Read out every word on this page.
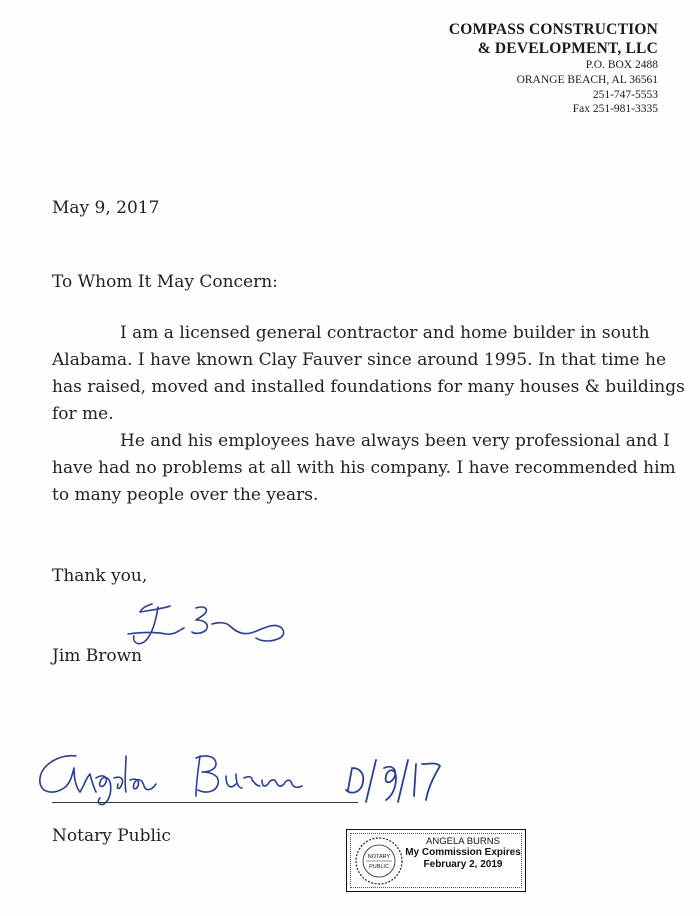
COMPASS CONSTRUCTION
& DEVELOPMENT, LLC
P.O. BOX 2488
ORANGE BEACH, AL 36561
251-747-5553
Fax 251-981-3335
May 9, 2017
To Whom It May Concern:

I am a licensed general contractor and home builder in south Alabama. I have known Clay Fauver since around 1995. In that time he has raised, moved and installed foundations for many houses & buildings for me.

He and his employees have always been very professional and I have had no problems at all with his company. I have recommended him to many people over the years.

Thank you,
Jim Brown
Notary Public
NOTARY
PUBLIC
ANGELA BURNS
My Commission Expires
February 2, 2019
